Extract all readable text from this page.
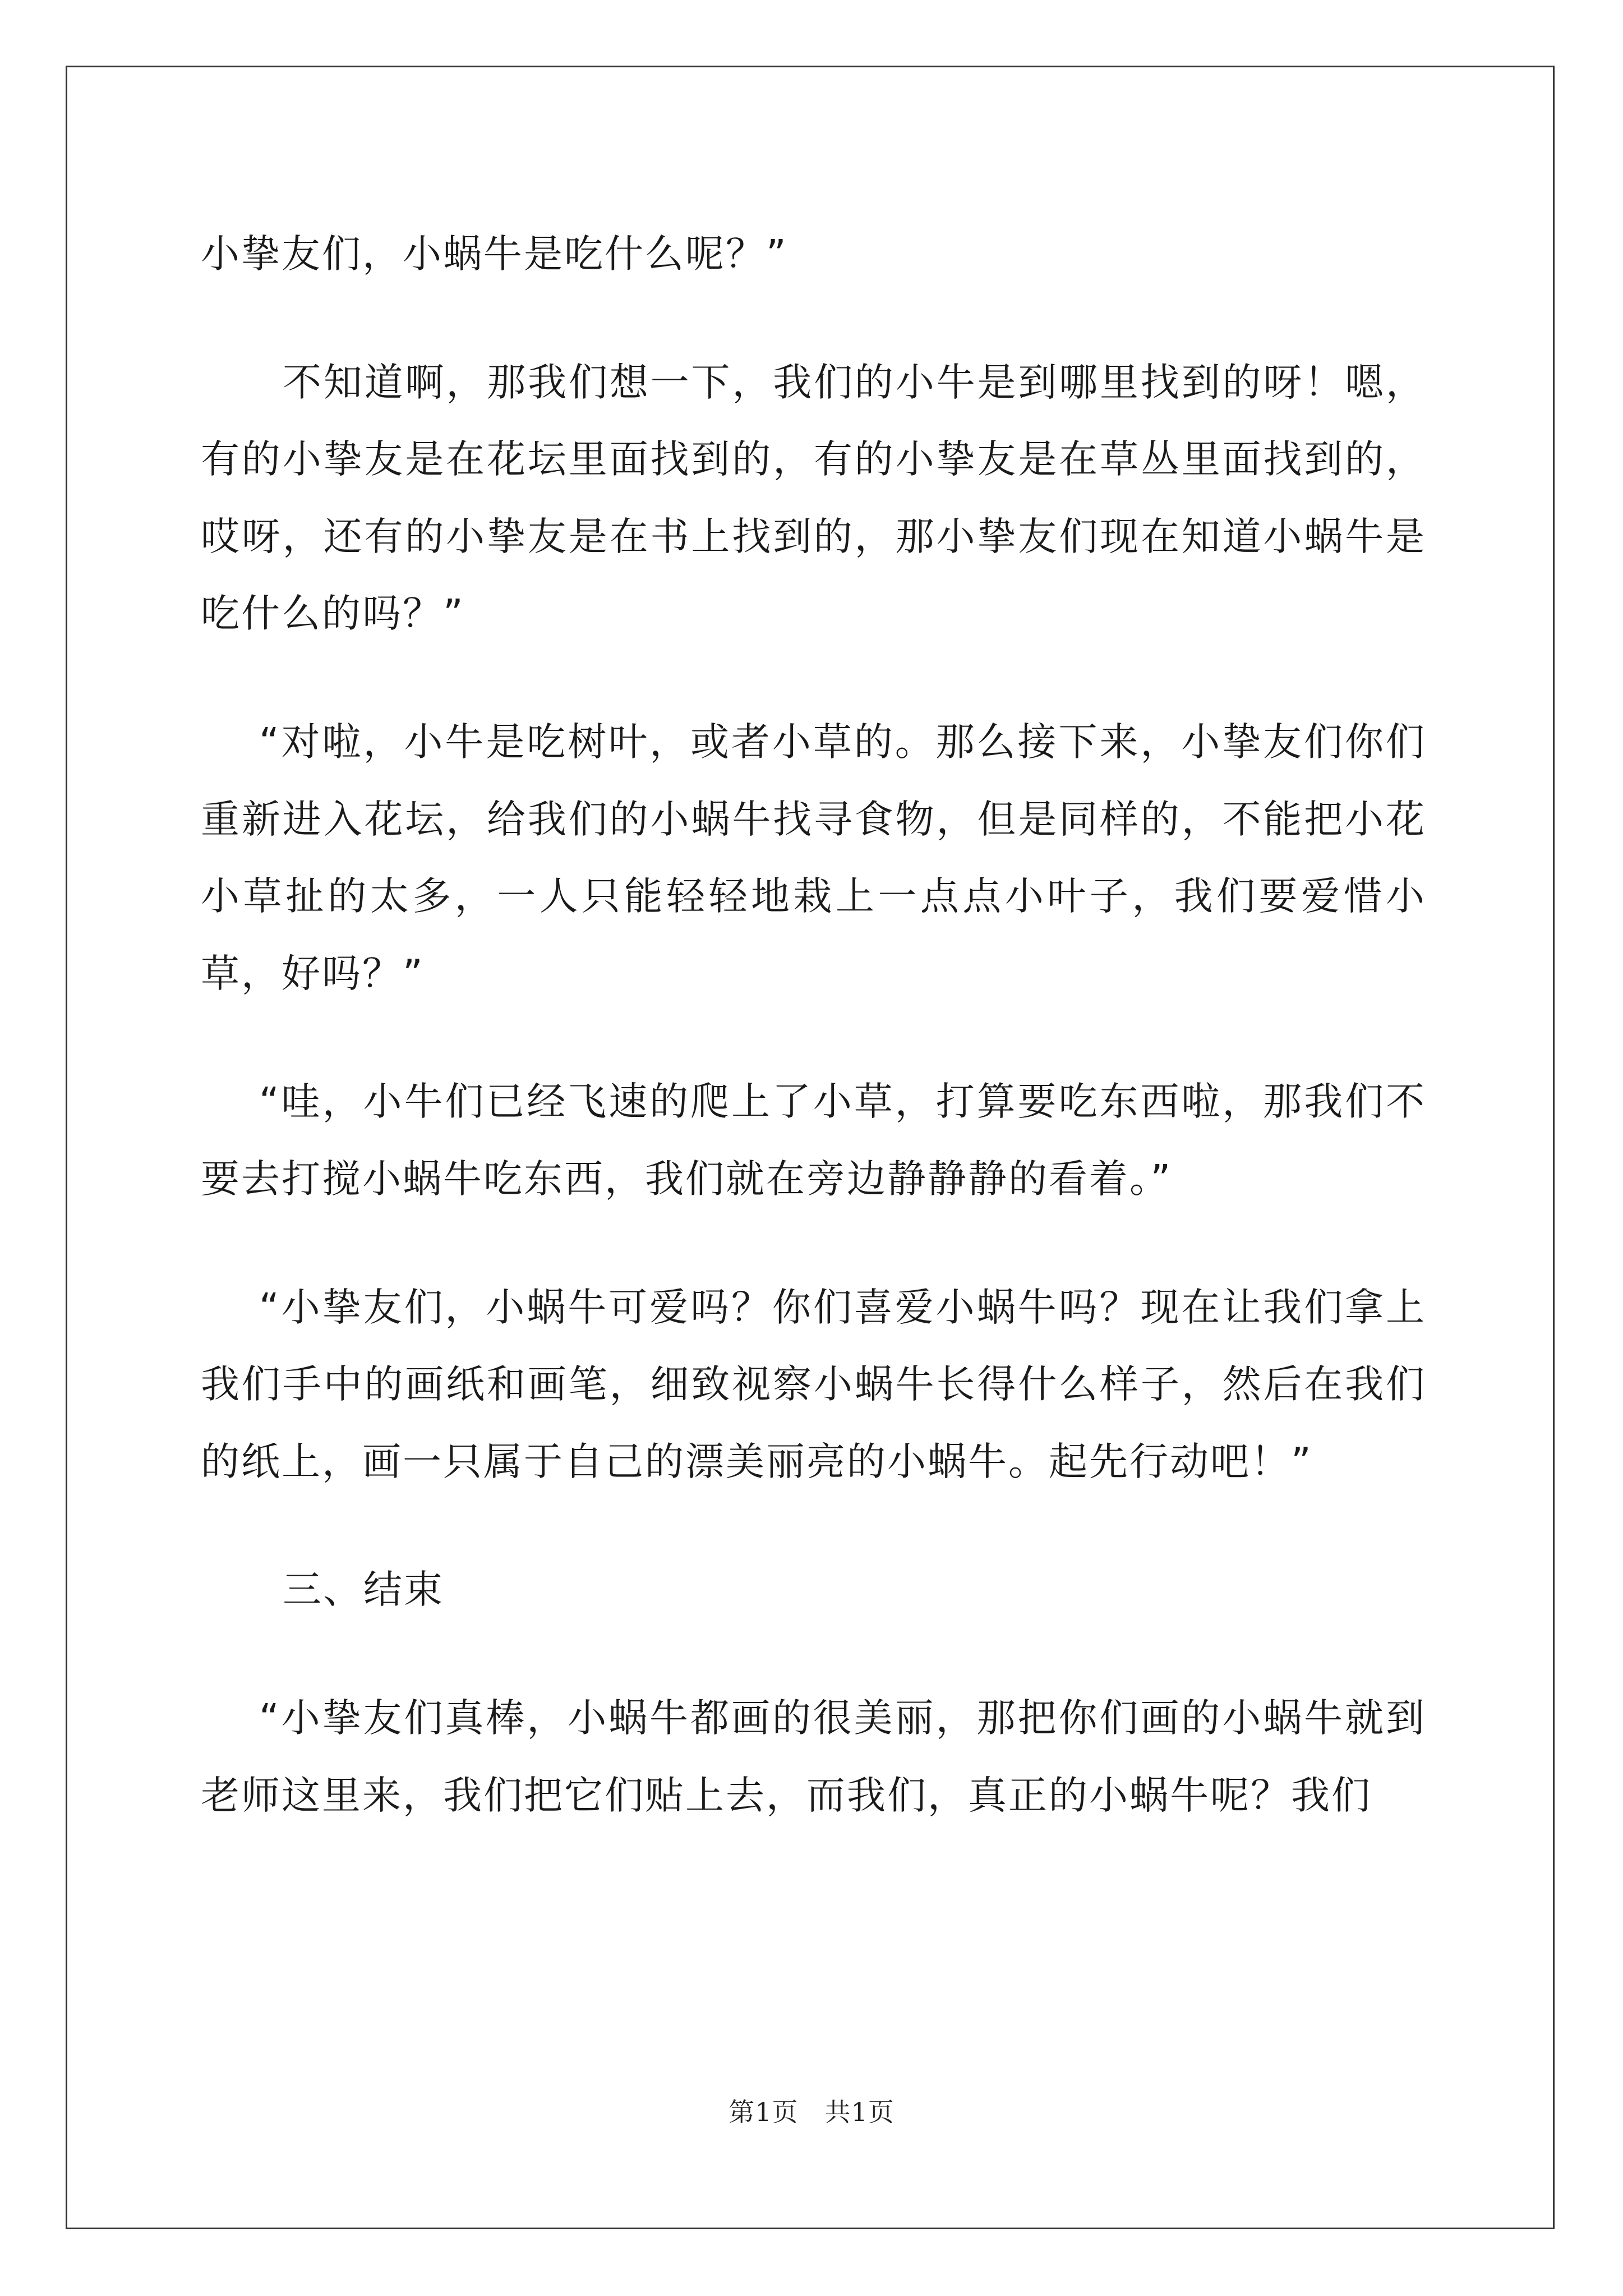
小挚友们，小蜗牛是吃什么呢？”

不知道啊，那我们想一下，我们的小牛是到哪里找到的呀！嗯，有的小挚友是在花坛里面找到的，有的小挚友是在草丛里面找到的，哎呀，还有的小挚友是在书上找到的，那小挚友们现在知道小蜗牛是吃什么的吗？”

“对啦，小牛是吃树叶，或者小草的。那么接下来，小挚友们你们重新进入花坛，给我们的小蜗牛找寻食物，但是同样的，不能把小花小草扯的太多，一人只能轻轻地栽上一点点小叶子，我们要爱惜小草，好吗？”

“哇，小牛们已经飞速的爬上了小草，打算要吃东西啦，那我们不要去打搅小蜗牛吃东西，我们就在旁边静静静的看着。”

“小挚友们，小蜗牛可爱吗？你们喜爱小蜗牛吗？现在让我们拿上我们手中的画纸和画笔，细致视察小蜗牛长得什么样子，然后在我们的纸上，画一只属于自己的漂美丽亮的小蜗牛。起先行动吧！”

三、结束

“小挚友们真棒，小蜗牛都画的很美丽，那把你们画的小蜗牛就到老师这里来，我们把它们贴上去，而我们，真正的小蜗牛呢？我们

第1页　共1页
